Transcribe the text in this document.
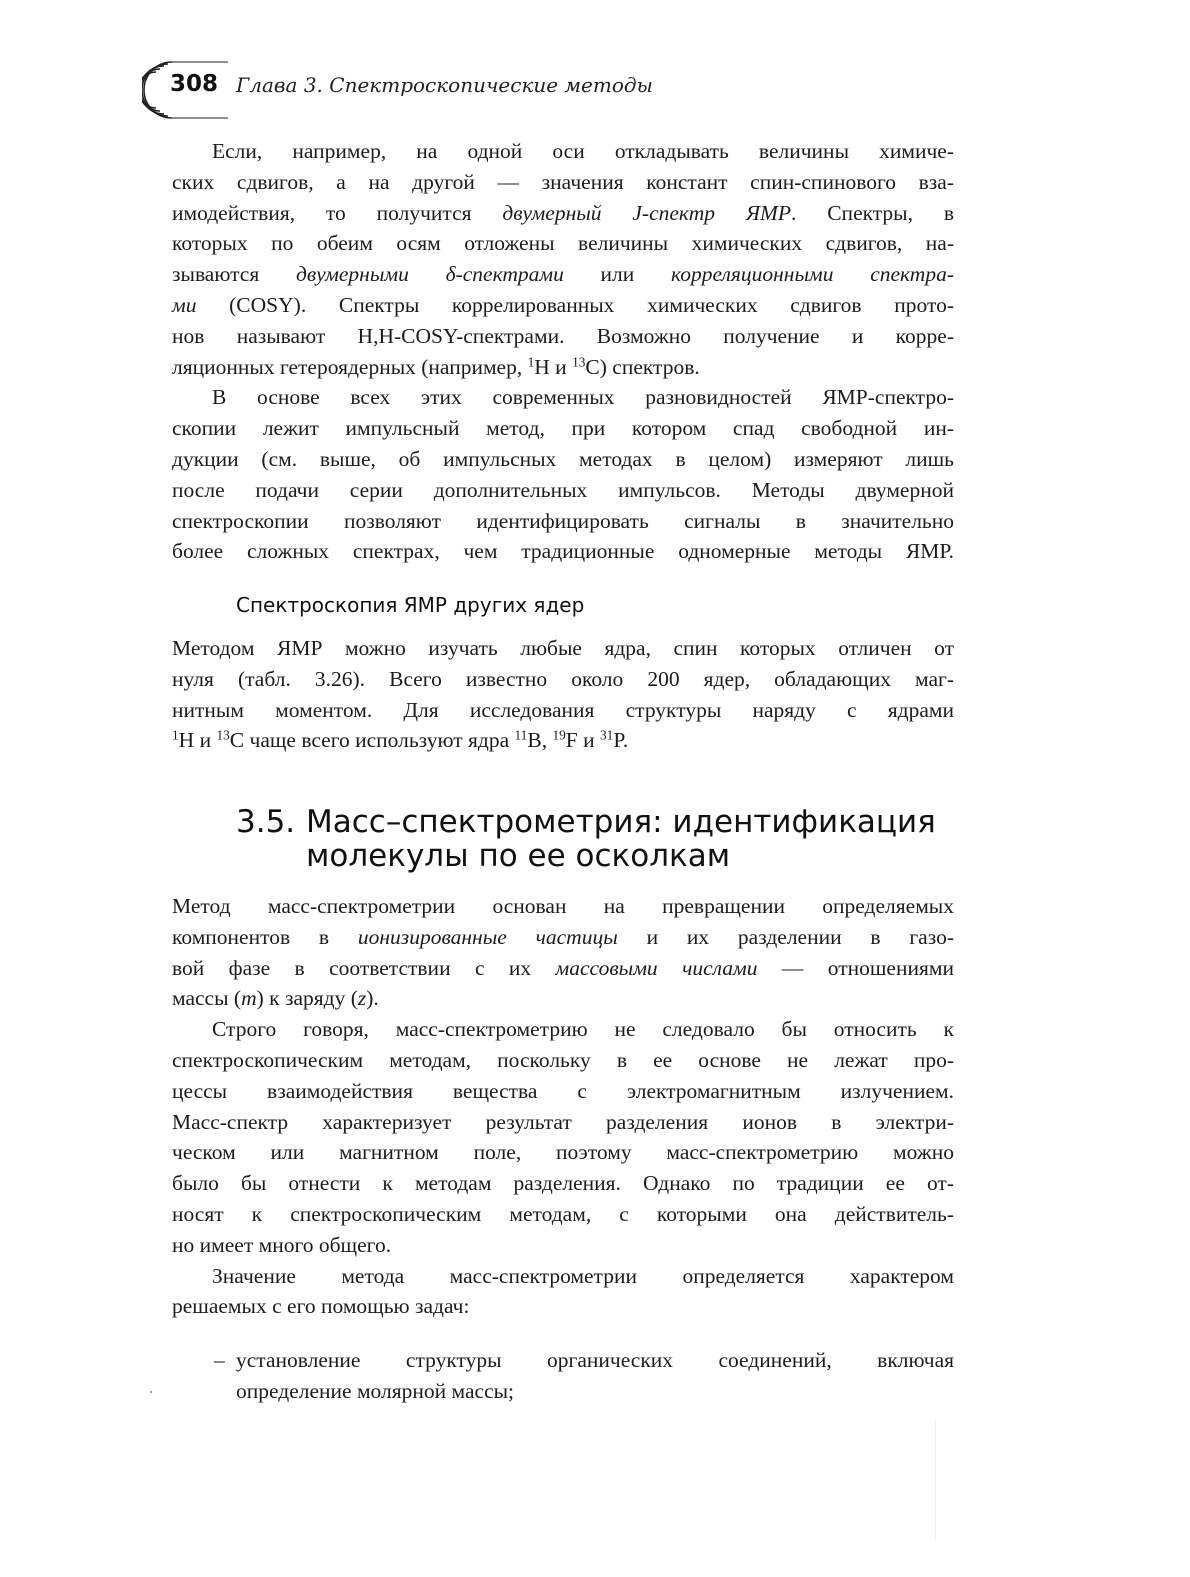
308 Глава 3. Спектроскопические методы
Если, например, на одной оси откладывать величины химиче-
ских сдвигов, а на другой — значения констант спин-спинового вза-
имодействия, то получится двумерный J-спектр ЯМР. Спектры, в
которых по обеим осям отложены величины химических сдвигов, на-
зываются двумерными δ-спектрами или корреляционными спектра-
ми (COSY). Спектры коррелированных химических сдвигов прото-
нов называют H,H-COSY-спектрами. Возможно получение и корре-
ляционных гетероядерных (например, $^1$H и $^{13}$C) спектров.
В основе всех этих современных разновидностей ЯМР-спектро-
скопии лежит импульсный метод, при котором спад свободной ин-
дукции (см. выше, об импульсных методах в целом) измеряют лишь
после подачи серии дополнительных импульсов. Методы двумерной
спектроскопии позволяют идентифицировать сигналы в значительно
более сложных спектрах, чем традиционные одномерные методы ЯМР.
Спектроскопия ЯМР других ядер
Методом ЯМР можно изучать любые ядра, спин которых отличен от
нуля (табл. 3.26). Всего известно около 200 ядер, обладающих маг-
нитным моментом. Для исследования структуры наряду с ядрами
$^1$H и $^{13}$C чаще всего используют ядра $^{11}$B, $^{19}$F и $^{31}$P.
3.5. Масс–спектрометрия: идентификация
молекулы по ее осколкам
Метод масс-спектрометрии основан на превращении определяемых
компонентов в ионизированные частицы и их разделении в газо-
вой фазе в соответствии с их массовыми числами — отношениями
массы (m) к заряду (z).
Строго говоря, масс-спектрометрию не следовало бы относить к
спектроскопическим методам, поскольку в ее основе не лежат про-
цессы взаимодействия вещества с электромагнитным излучением.
Масс-спектр характеризует результат разделения ионов в электри-
ческом или магнитном поле, поэтому масс-спектрометрию можно
было бы отнести к методам разделения. Однако по традиции ее от-
носят к спектроскопическим методам, с которыми она действитель-
но имеет много общего.
Значение метода масс-спектрометрии определяется характером
решаемых с его помощью задач:
– установление структуры органических соединений, включая
определение молярной массы;
